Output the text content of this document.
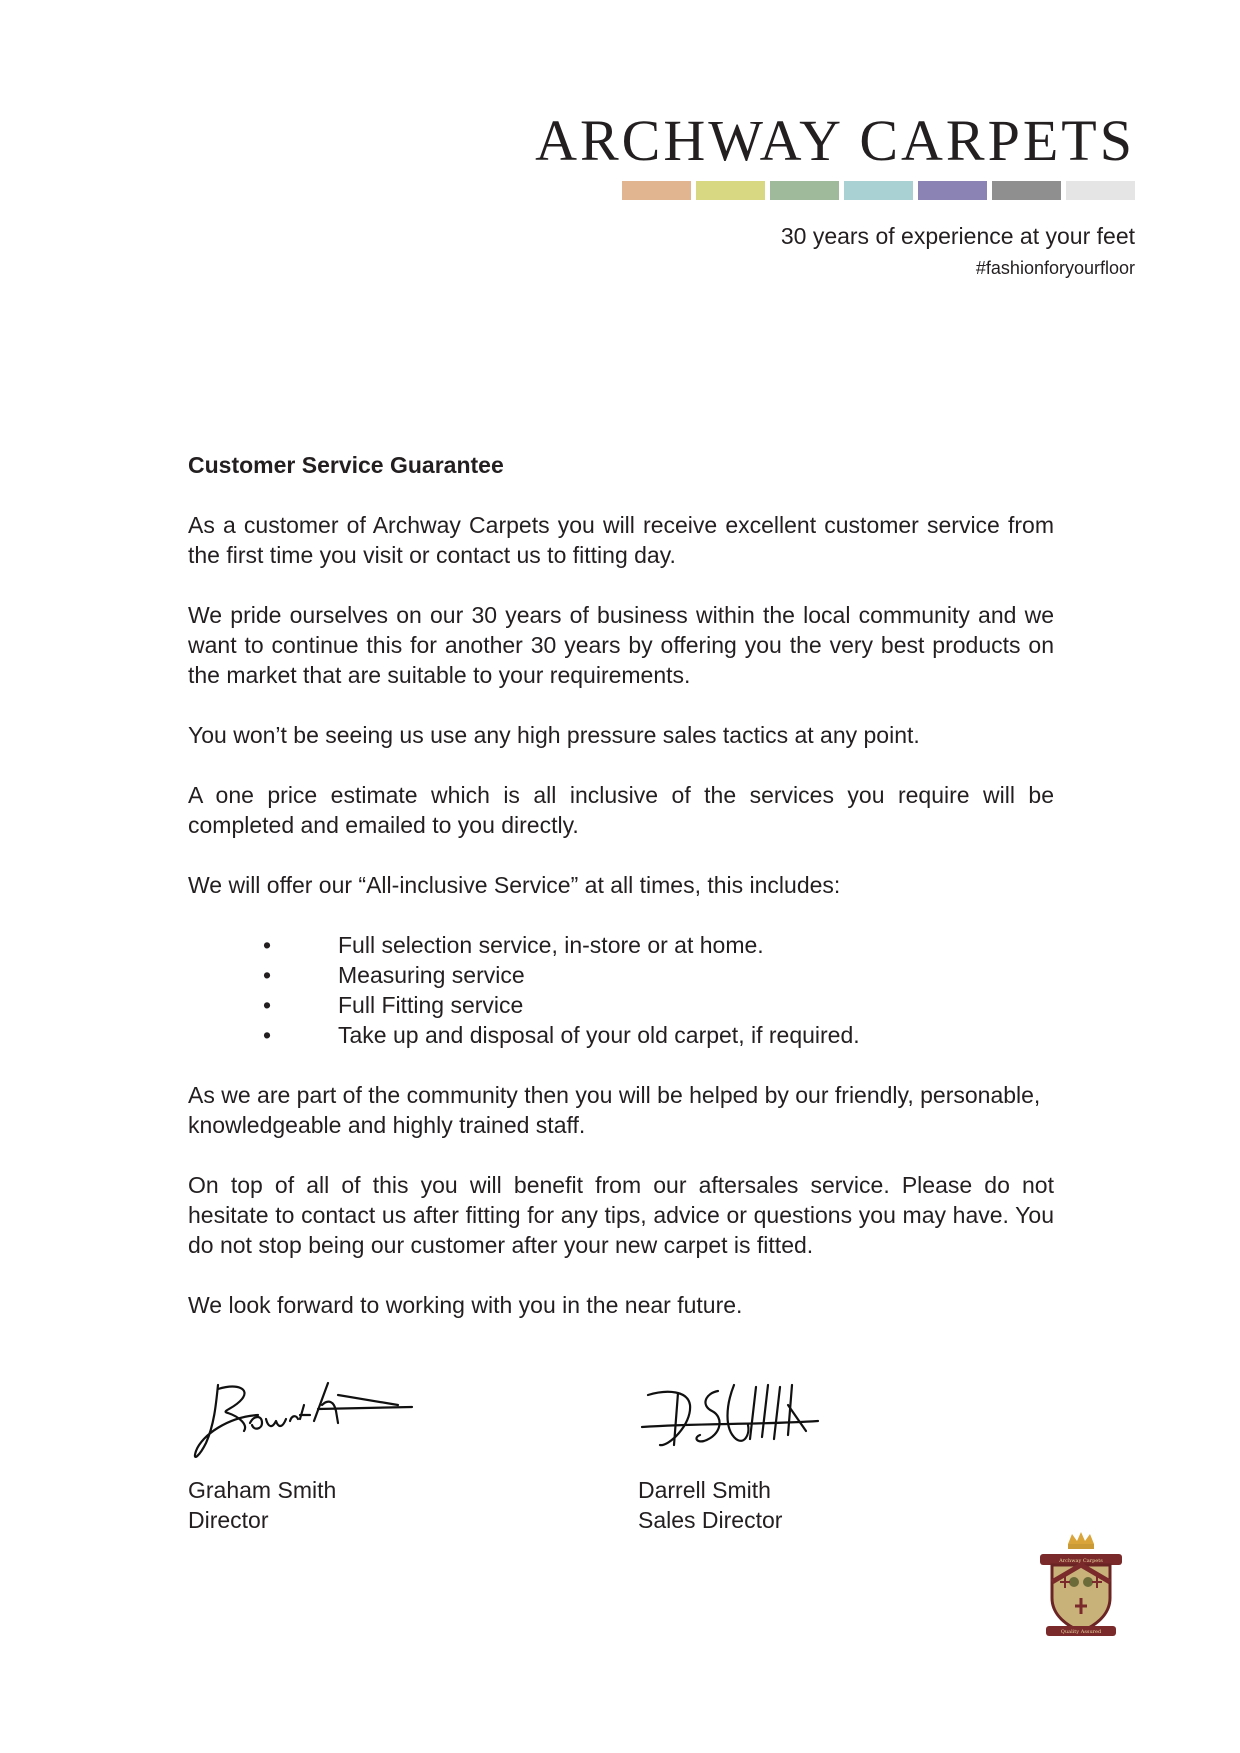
ARCHWAY CARPETS
30 years of experience at your feet
#fashionforyourfloor
Customer Service Guarantee

As a customer of Archway Carpets you will receive excellent customer service from the first time you visit or contact us to fitting day.

We pride ourselves on our 30 years of business within the local community and we want to continue this for another 30 years by offering you the very best products on the market that are suitable to your requirements.

You won’t be seeing us use any high pressure sales tactics at any point.

A one price estimate which is all inclusive of the services you require will be completed and emailed to you directly.

We will offer our “All-inclusive Service” at all times, this includes:

•	Full selection service, in-store or at home.
•	Measuring service
•	Full Fitting service
•	Take up and disposal of your old carpet, if required.

As we are part of the community then you will be helped by our friendly, personable, knowledgeable and highly trained staff.

On top of all of this you will benefit from our aftersales service. Please do not hesitate to contact us after fitting for any tips, advice or questions you may have. You do not stop being our customer after your new carpet is fitted.

We look forward to working with you in the near future.

Graham Smith
Director
Darrell Smith
Sales Director
Archway Carpets
Quality Assured
